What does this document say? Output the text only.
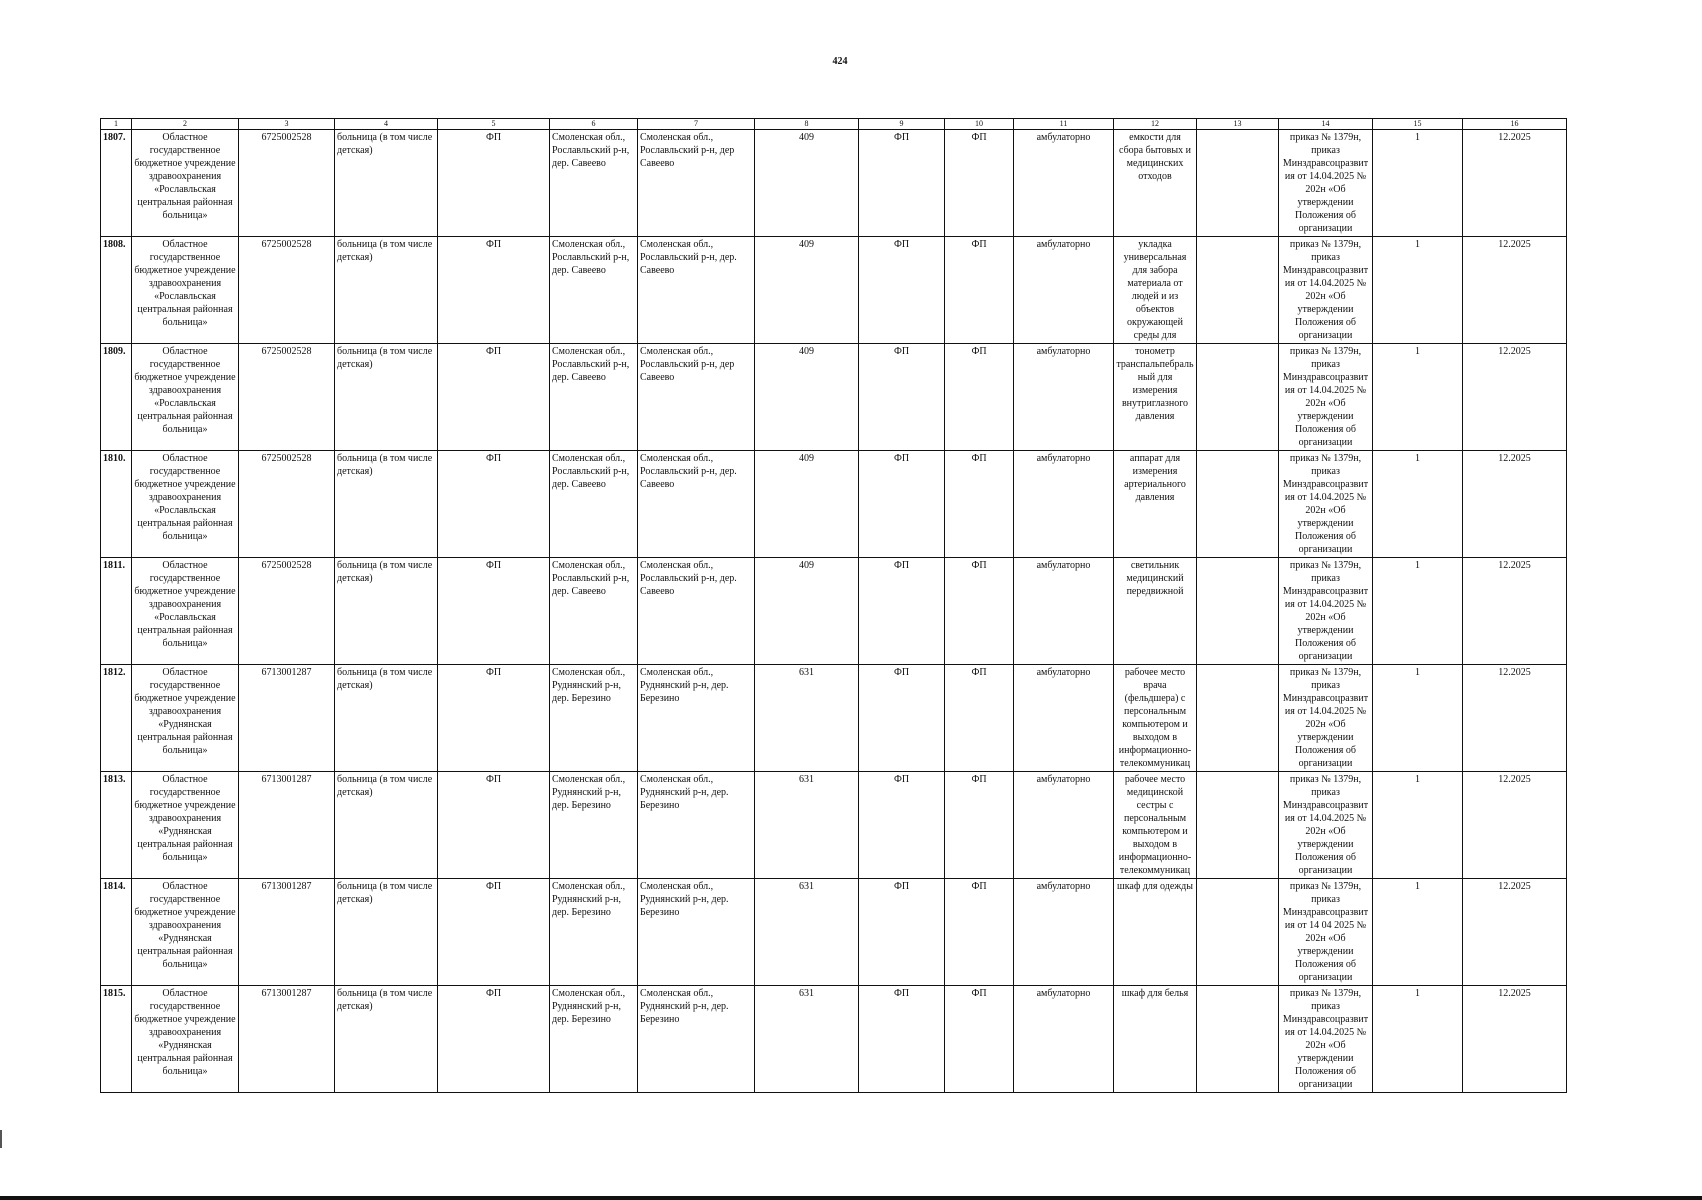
424
1	2	3	4	5	6	7	8	9	10	11	12	13	14	15	16
1807.	Областное государственное бюджетное учреждение здравоохранения «Рославльская центральная районная больница»	6725002528	больница (в том числе детская)	ФП	Смоленская обл., Рославльский р-н, дер. Савеево	Смоленская обл., Рославльский р-н, дер Савеево	409	ФП	ФП	амбулаторно	емкости для сбора бытовых и медицинских отходов		приказ № 1379н, приказ Минздравсоцразвития от 14.04.2025 № 202н «Об утверждении Положения об организации	1	12.2025
1808.	Областное государственное бюджетное учреждение здравоохранения «Рославльская центральная районная больница»	6725002528	больница (в том числе детская)	ФП	Смоленская обл., Рославльский р-н, дер. Савеево	Смоленская обл., Рославльский р-н, дер. Савеево	409	ФП	ФП	амбулаторно	укладка универсальная для забора материала от людей и из объектов окружающей среды для		приказ № 1379н, приказ Минздравсоцразвития от 14.04.2025 № 202н «Об утверждении Положения об организации	1	12.2025
1809.	Областное государственное бюджетное учреждение здравоохранения «Рославльская центральная районная больница»	6725002528	больница (в том числе детская)	ФП	Смоленская обл., Рославльский р-н, дер. Савеево	Смоленская обл., Рославльский р-н, дер Савеево	409	ФП	ФП	амбулаторно	тонометр транспальпебральный для измерения внутриглазного давления		приказ № 1379н, приказ Минздравсоцразвития от 14.04.2025 № 202н «Об утверждении Положения об организации	1	12.2025
1810.	Областное государственное бюджетное учреждение здравоохранения «Рославльская центральная районная больница»	6725002528	больница (в том числе детская)	ФП	Смоленская обл., Рославльский р-н, дер. Савеево	Смоленская обл., Рославльский р-н, дер. Савеево	409	ФП	ФП	амбулаторно	аппарат для измерения артериального давления		приказ № 1379н, приказ Минздравсоцразвития от 14.04.2025 № 202н «Об утверждении Положения об организации	1	12.2025
1811.	Областное государственное бюджетное учреждение здравоохранения «Рославльская центральная районная больница»	6725002528	больница (в том числе детская)	ФП	Смоленская обл., Рославльский р-н, дер. Савеево	Смоленская обл., Рославльский р-н, дер. Савеево	409	ФП	ФП	амбулаторно	светильник медицинский передвижной		приказ № 1379н, приказ Минздравсоцразвития от 14.04.2025 № 202н «Об утверждении Положения об организации	1	12.2025
1812.	Областное государственное бюджетное учреждение здравоохранения «Руднянская центральная районная больница»	6713001287	больница (в том числе детская)	ФП	Смоленская обл., Руднянский р-н, дер. Березино	Смоленская обл., Руднянский р-н, дер. Березино	631	ФП	ФП	амбулаторно	рабочее место врача (фельдшера) с персональным компьютером и выходом в информационно-телекоммуникац		приказ № 1379н, приказ Минздравсоцразвития от 14.04.2025 № 202н «Об утверждении Положения об организации	1	12.2025
1813.	Областное государственное бюджетное учреждение здравоохранения «Руднянская центральная районная больница»	6713001287	больница (в том числе детская)	ФП	Смоленская обл., Руднянский р-н, дер. Березино	Смоленская обл., Руднянский р-н, дер. Березино	631	ФП	ФП	амбулаторно	рабочее место медицинской сестры с персональным компьютером и выходом в информационно-телекоммуникац		приказ № 1379н, приказ Минздравсоцразвития от 14.04.2025 № 202н «Об утверждении Положения об организации	1	12.2025
1814.	Областное государственное бюджетное учреждение здравоохранения «Руднянская центральная районная больница»	6713001287	больница (в том числе детская)	ФП	Смоленская обл., Руднянский р-н, дер. Березино	Смоленская обл., Руднянский р-н, дер. Березино	631	ФП	ФП	амбулаторно	шкаф для одежды		приказ № 1379н, приказ Минздравсоцразвития от 14 04 2025 № 202н «Об утверждении Положения об организации	1	12.2025
1815.	Областное государственное бюджетное учреждение здравоохранения «Руднянская центральная районная больница»	6713001287	больница (в том числе детская)	ФП	Смоленская обл., Руднянский р-н, дер. Березино	Смоленская обл., Руднянский р-н, дер. Березино	631	ФП	ФП	амбулаторно	шкаф для белья		приказ № 1379н, приказ Минздравсоцразвития от 14.04.2025 № 202н «Об утверждении Положения об организации	1	12.2025
